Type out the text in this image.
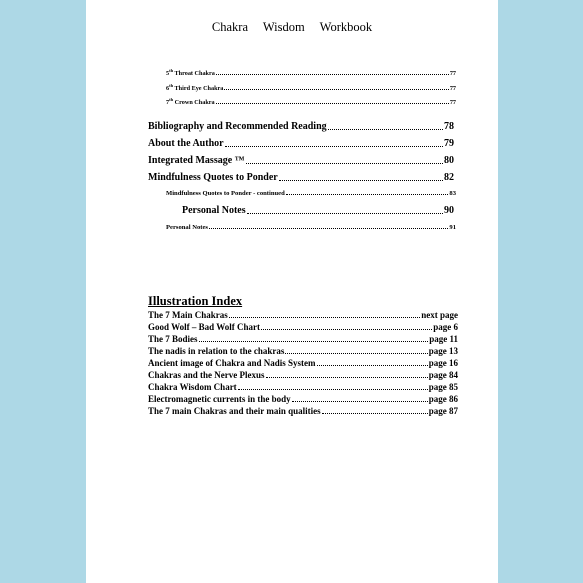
Chakra Wisdom Workbook
5th Throat Chakra	77
6th Third Eye Chakra	77
7th Crown Chakra	77
Bibliography and Recommended Reading	78
About the Author	79
Integrated Massage ™	80
Mindfulness Quotes to Ponder	82
Mindfulness Quotes to Ponder - continued	83
Personal Notes	90
Personal Notes	91
Illustration Index
The 7 Main Chakras	next page
Good Wolf – Bad Wolf Chart	page 6
The 7 Bodies	page 11
The nadis in relation to the chakras	page 13
Ancient image of Chakra and Nadis System	page 16
Chakras and the Nerve Plexus	page 84
Chakra Wisdom Chart	page 85
Electromagnetic currents in the body	page 86
The 7 main Chakras and their main qualities	page 87
